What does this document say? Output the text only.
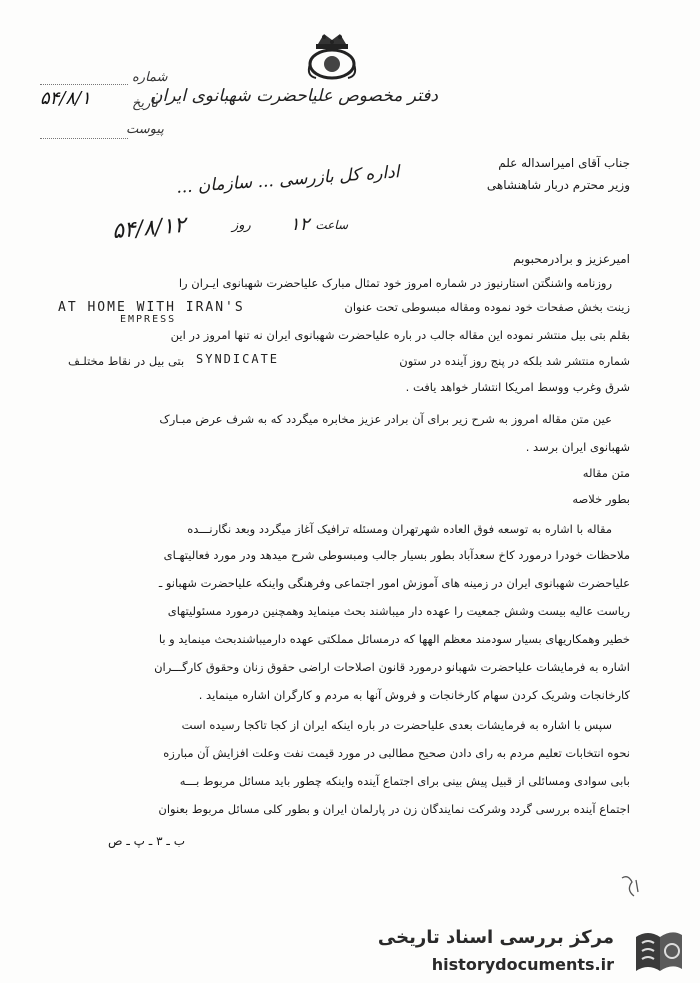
دفتر مخصوص علیاحضرت شهبانوی ایران
شماره
تاریخ
۵۴/۸/۱
پیوست
جناب آقای امیراسداله علم
وزیر محترم دربار شاهنشاهی
اداره کل بازرسی ... سازمان ...
ساعت
۱۲
روز
۵۴/۸/۱۲
امیرعزیز و برادرمحبوبم
روزنامه واشنگتن استارنیوز در شماره امروز خود تمثال مبارک علیاحضرت شهبانوی ایـران را
زینت بخش صفحات خود نموده ومقاله مبسوطی تحت عنوان
AT HOME WITH IRAN'S
EMPRESS
بقلم بتی بیل منتشر نموده این مقاله جالب در باره علیاحضرت شهبانوی ایران نه تنها امروز در این
شماره منتشر شد بلکه در پنج روز آینده در ستون
SYNDICATE
بتی بیل در نقاط مختلـف
شرق وغرب ووسط امریکا انتشار خواهد یافت .
عین متن مقاله امروز به شرح زیر برای آن برادر عزیز مخابره میگردد که به شرف عرض مبـارک
شهبانوی ایران برسد .
متن مقاله
بطور خلاصه
مقاله با اشاره به توسعه فوق العاده شهرتهران ومسئله ترافیک آغاز میگردد وبعد نگارنـــده
ملاحظات خودرا درمورد کاخ سعدآباد بطور بسیار جالب ومبسوطی شرح میدهد ودر مورد فعالیتهـای
علیاحضرت شهبانوی ایران در زمینه های آموزش امور اجتماعی وفرهنگی واینکه علیاحضرت شهبانو ـ
ریاست عالیه بیست وشش جمعیت را عهده دار میباشند بحث مینماید وهمچنین درمورد مسئولیتهای
خطیر وهمکاریهای بسیار سودمند معظم الهها که درمسائل مملکتی عهده دارمیباشندبحث مینماید و با
اشاره به فرمایشات علیاحضرت شهبانو درمورد قانون اصلاحات اراضی حقوق زنان وحقوق کارگـــران
کارخانجات وشریک کردن سهام کارخانجات و فروش آنها به مردم و کارگران اشاره مینماید .
سپس با اشاره به فرمایشات بعدی علیاحضرت در باره اینکه ایران از کجا تاکجا رسیده است
نحوه انتخابات تعلیم مردم به رای دادن صحیح مطالبی در مورد قیمت نفت وعلت افزایش آن مبارزه
بابی سوادی ومسائلی از قبیل پیش بینی برای اجتماع آینده واینکه چطور باید مسائل مربوط بـــه
اجتماع آینده بررسی گردد وشرکت نمایندگان زن در پارلمان ایران و بطور کلی مسائل مربوط بعنوان
ب ـ ۳ ـ پ ـ ص
مرکز بررسی اسناد تاریخی
historydocuments.ir
